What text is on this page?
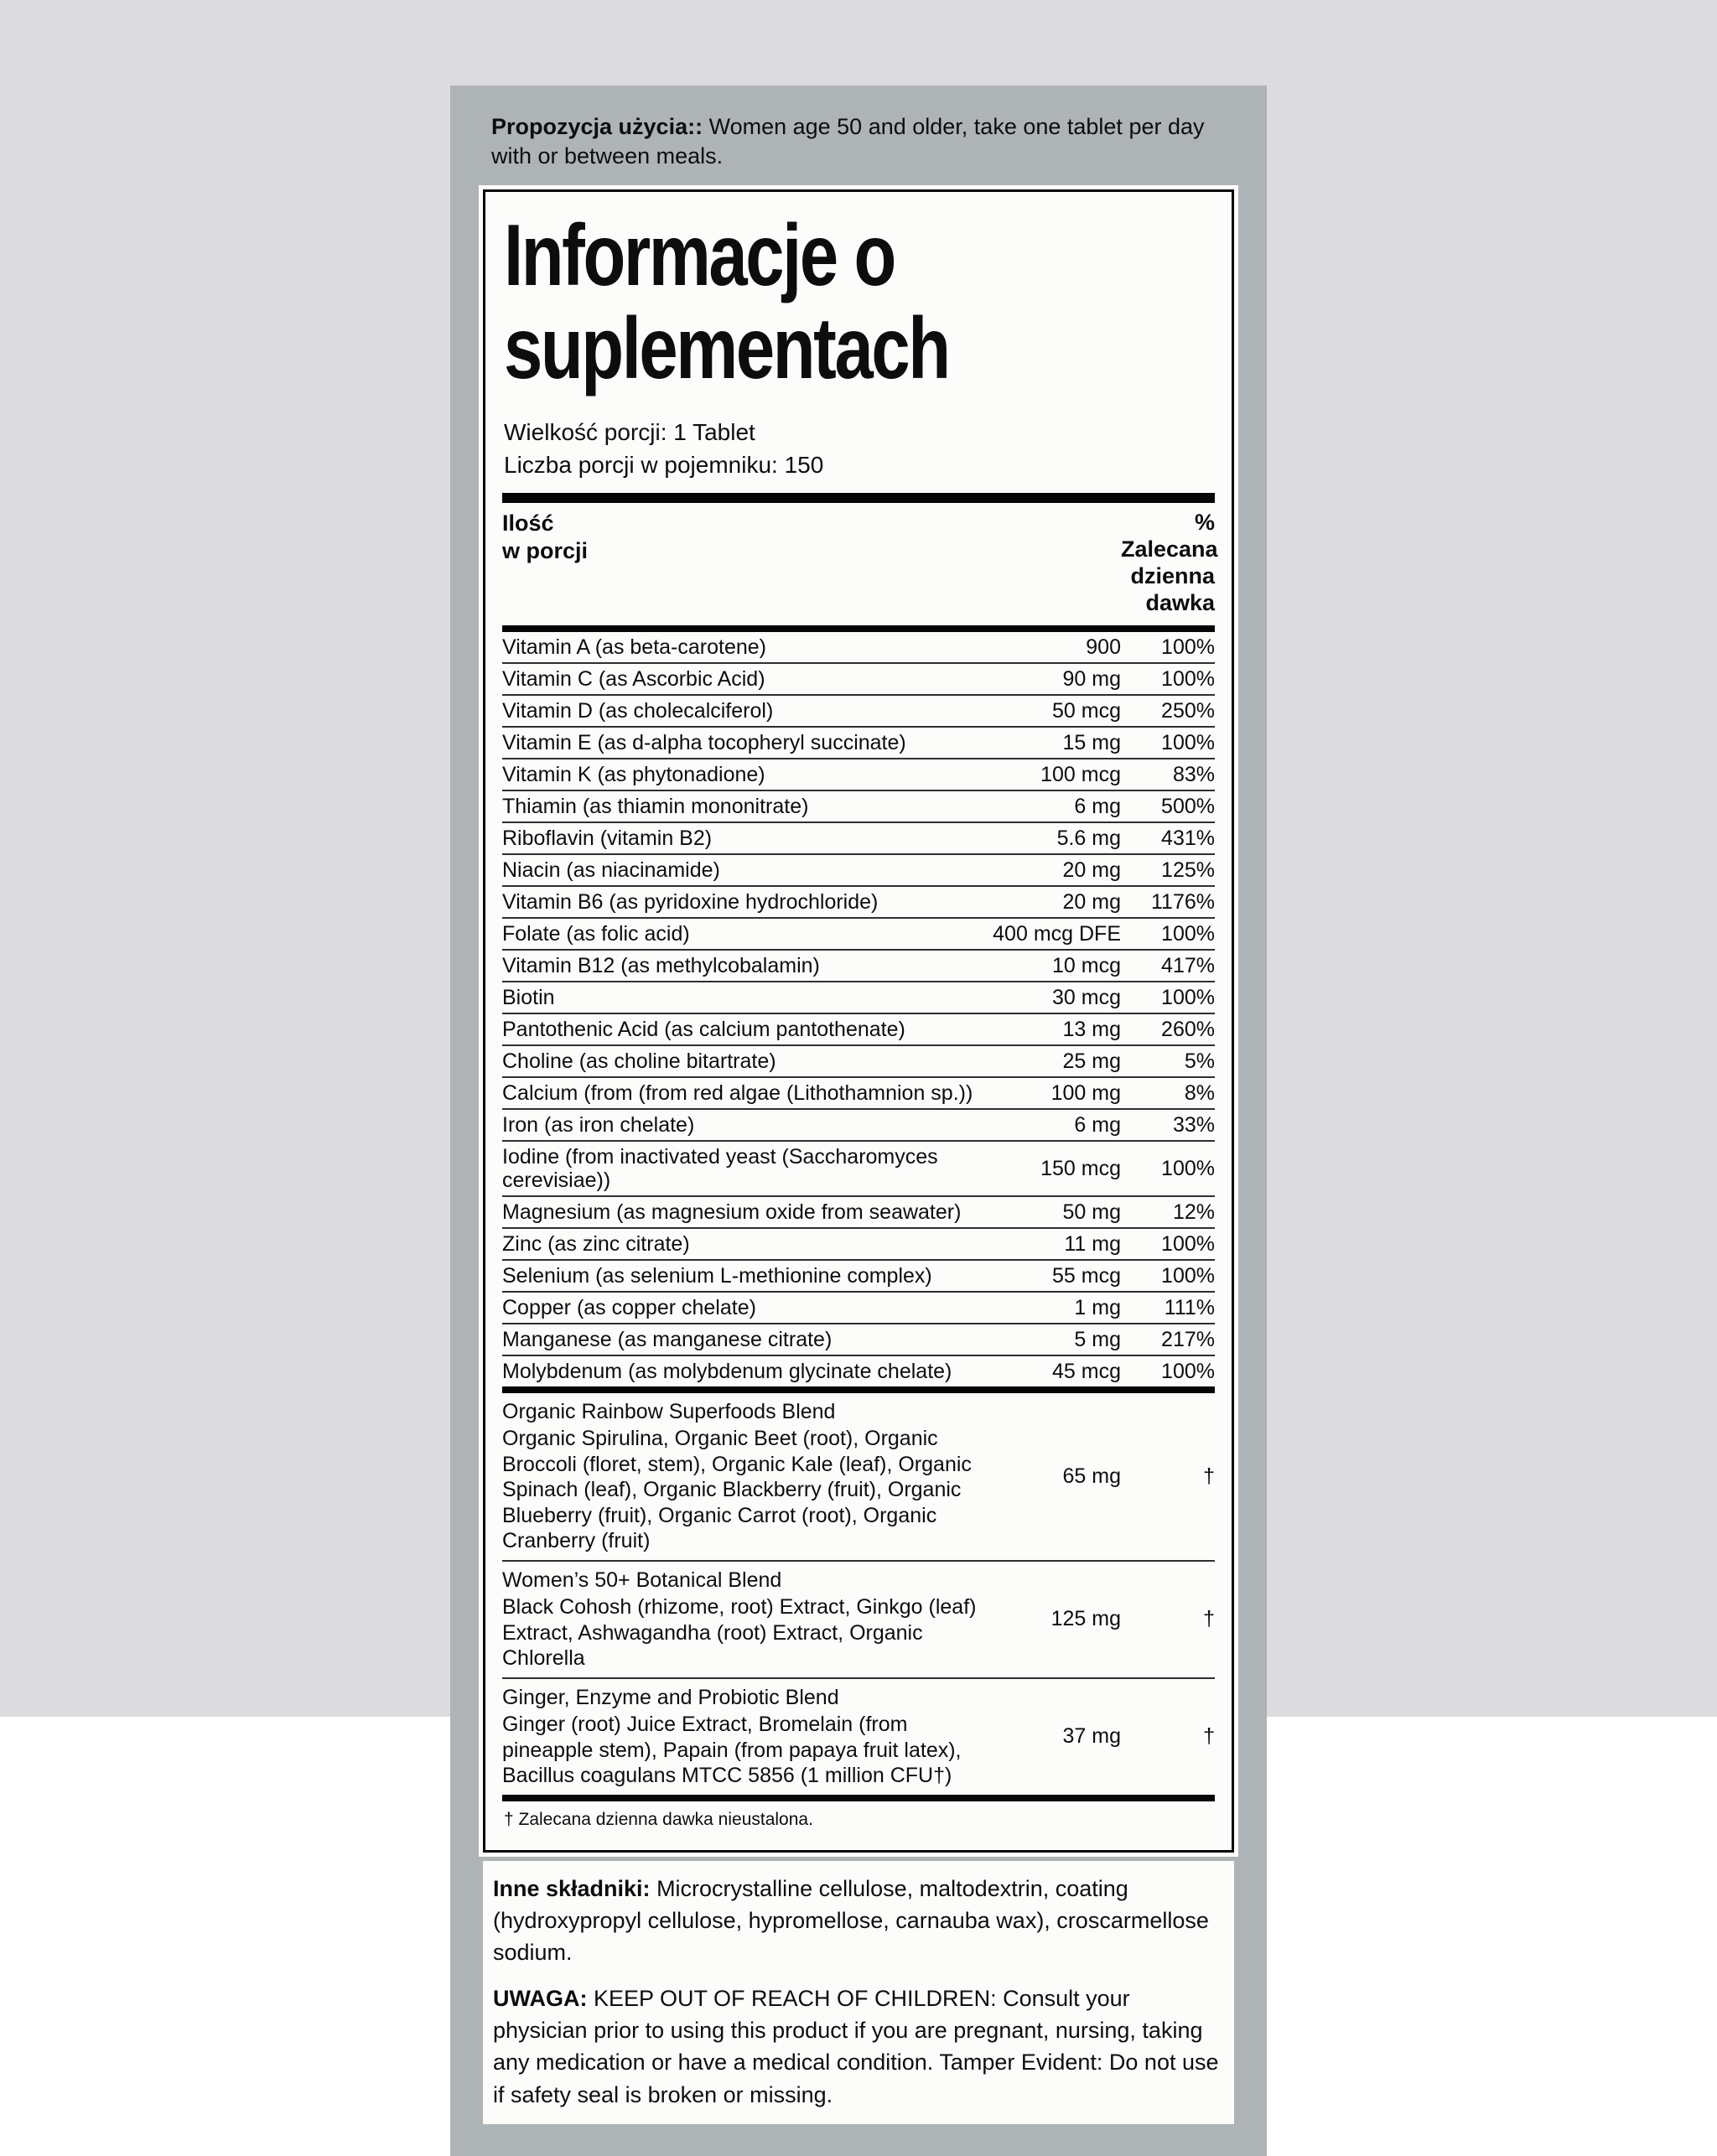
Propozycja użycia:: Women age 50 and older, take one tablet per day with or between meals.
Informacje o
suplementach
Wielkość porcji: 1 Tablet
Liczba porcji w pojemniku: 150
Ilość
w porcji
% Zalecana
dzienna
dawka
Vitamin A (as beta-carotene)	900	100%
Vitamin C (as Ascorbic Acid)	90 mg	100%
Vitamin D (as cholecalciferol)	50 mcg	250%
Vitamin E (as d-alpha tocopheryl succinate)	15 mg	100%
Vitamin K (as phytonadione)	100 mcg	83%
Thiamin (as thiamin mononitrate)	6 mg	500%
Riboflavin (vitamin B2)	5.6 mg	431%
Niacin (as niacinamide)	20 mg	125%
Vitamin B6 (as pyridoxine hydrochloride)	20 mg	1176%
Folate (as folic acid)	400 mcg DFE	100%
Vitamin B12 (as methylcobalamin)	10 mcg	417%
Biotin	30 mcg	100%
Pantothenic Acid (as calcium pantothenate)	13 mg	260%
Choline (as choline bitartrate)	25 mg	5%
Calcium (from (from red algae (Lithothamnion sp.))	100 mg	8%
Iron (as iron chelate)	6 mg	33%
Iodine (from inactivated yeast (Saccharomyces cerevisiae))	150 mcg	100%
Magnesium (as magnesium oxide from seawater)	50 mg	12%
Zinc (as zinc citrate)	11 mg	100%
Selenium (as selenium L-methionine complex)	55 mcg	100%
Copper (as copper chelate)	1 mg	111%
Manganese (as manganese citrate)	5 mg	217%
Molybdenum (as molybdenum glycinate chelate)	45 mcg	100%
Organic Rainbow Superfoods Blend
Organic Spirulina, Organic Beet (root), Organic Broccoli (floret, stem), Organic Kale (leaf), Organic Spinach (leaf), Organic Blackberry (fruit), Organic Blueberry (fruit), Organic Carrot (root), Organic Cranberry (fruit)
65 mg	†
Women’s 50+ Botanical Blend
Black Cohosh (rhizome, root) Extract, Ginkgo (leaf) Extract, Ashwagandha (root) Extract, Organic Chlorella
125 mg	†
Ginger, Enzyme and Probiotic Blend
Ginger (root) Juice Extract, Bromelain (from pineapple stem), Papain (from papaya fruit latex), Bacillus coagulans MTCC 5856 (1 million CFU†)
37 mg	†
† Zalecana dzienna dawka nieustalona.

Inne składniki: Microcrystalline cellulose, maltodextrin, coating (hydroxypropyl cellulose, hypromellose, carnauba wax), croscarmellose sodium.

UWAGA: KEEP OUT OF REACH OF CHILDREN: Consult your physician prior to using this product if you are pregnant, nursing, taking any medication or have a medical condition. Tamper Evident: Do not use if safety seal is broken or missing.
